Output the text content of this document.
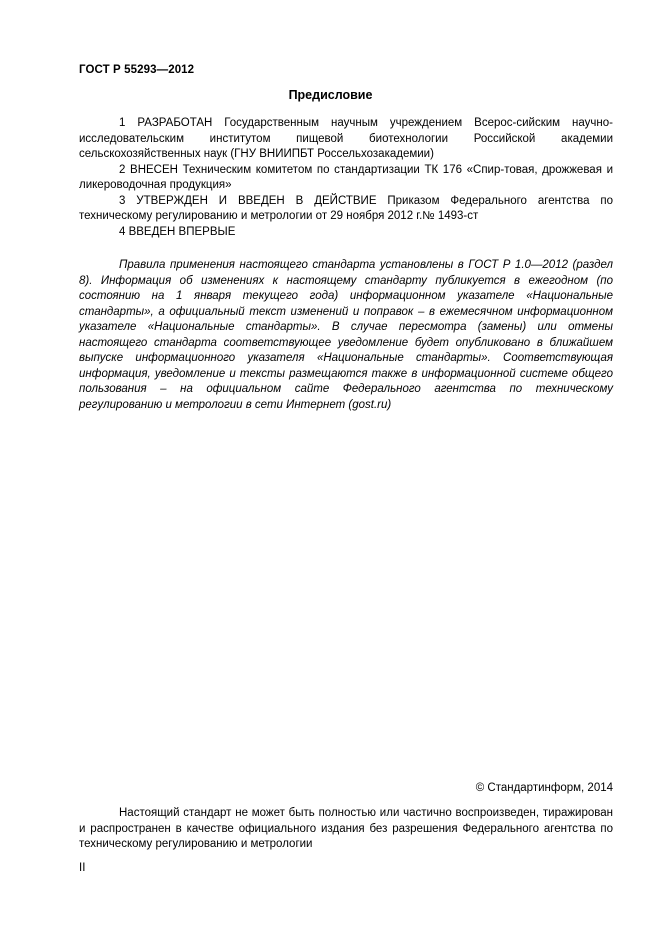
ГОСТ Р 55293—2012
Предисловие

1 РАЗРАБОТАН Государственным научным учреждением Всерос-сийским научно-исследовательским институтом пищевой биотехнологии Российской академии сельскохозяйственных наук (ГНУ ВНИИПБТ Россельхозакадемии)

2 ВНЕСЕН Техническим комитетом по стандартизации ТК 176 «Спир-товая, дрожжевая и ликероводочная продукция»

3 УТВЕРЖДЕН И ВВЕДЕН В ДЕЙСТВИЕ Приказом Федерального агентства по техническому регулированию и метрологии от 29 ноября 2012 г.№ 1493-ст

4 ВВЕДЕН ВПЕРВЫЕ

Правила применения настоящего стандарта установлены в ГОСТ Р 1.0—2012 (раздел 8). Информация об изменениях к настоящему стандарту публикуется в ежегодном (по состоянию на 1 января текущего года) информационном указателе «Национальные стандарты», а официальный текст изменений и поправок – в ежемесячном информационном указателе «Национальные стандарты». В случае пересмотра (замены) или отмены настоящего стандарта соответствующее уведомление будет опубликовано в ближайшем выпуске информационного указателя «Национальные стандарты». Соответствующая информация, уведомление и тексты размещаются также в информационной системе общего пользования – на официальном сайте Федерального агентства по техническому регулированию и метрологии в сети Интернет (gost.ru)
© Стандартинформ, 2014

Настоящий стандарт не может быть полностью или частично воспроизведен, тиражирован и распространен в качестве официального издания без разрешения Федерального агентства по техническому регулированию и метрологии

II
